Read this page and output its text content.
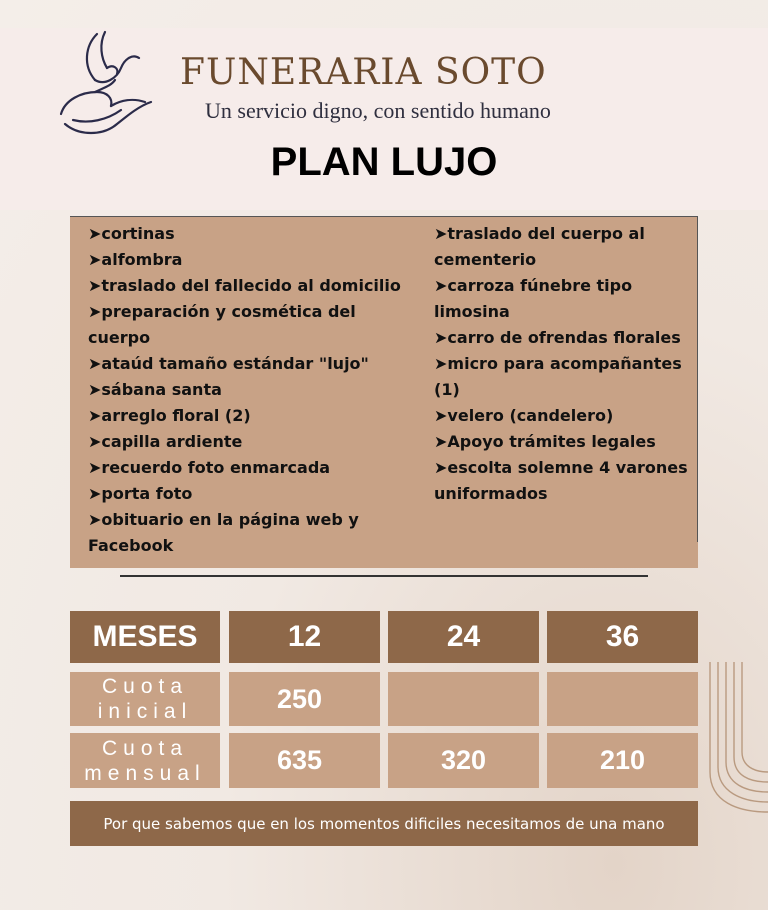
FUNERARIA SOTO
Un servicio digno, con sentido humano
PLAN LUJO

➤cortinas

➤alfombra

➤traslado del fallecido al domicilio

➤preparación y cosmética del cuerpo

➤ataúd tamaño estándar "lujo"

➤sábana santa

➤arreglo floral (2)

➤capilla ardiente

➤recuerdo foto enmarcada

➤porta foto

➤obituario en la página web y Facebook

➤traslado del cuerpo al cementerio

➤carroza fúnebre tipo limosina

➤carro de ofrendas florales

➤micro para acompañantes (1)

➤velero (candelero)

➤Apoyo trámites legales

➤escolta solemne 4 varones uniformados

MESES	12	24	36
Cuota
inicial	250
Cuota
mensual	635	320	210
Por que sabemos que en los momentos dificiles necesitamos de una mano
